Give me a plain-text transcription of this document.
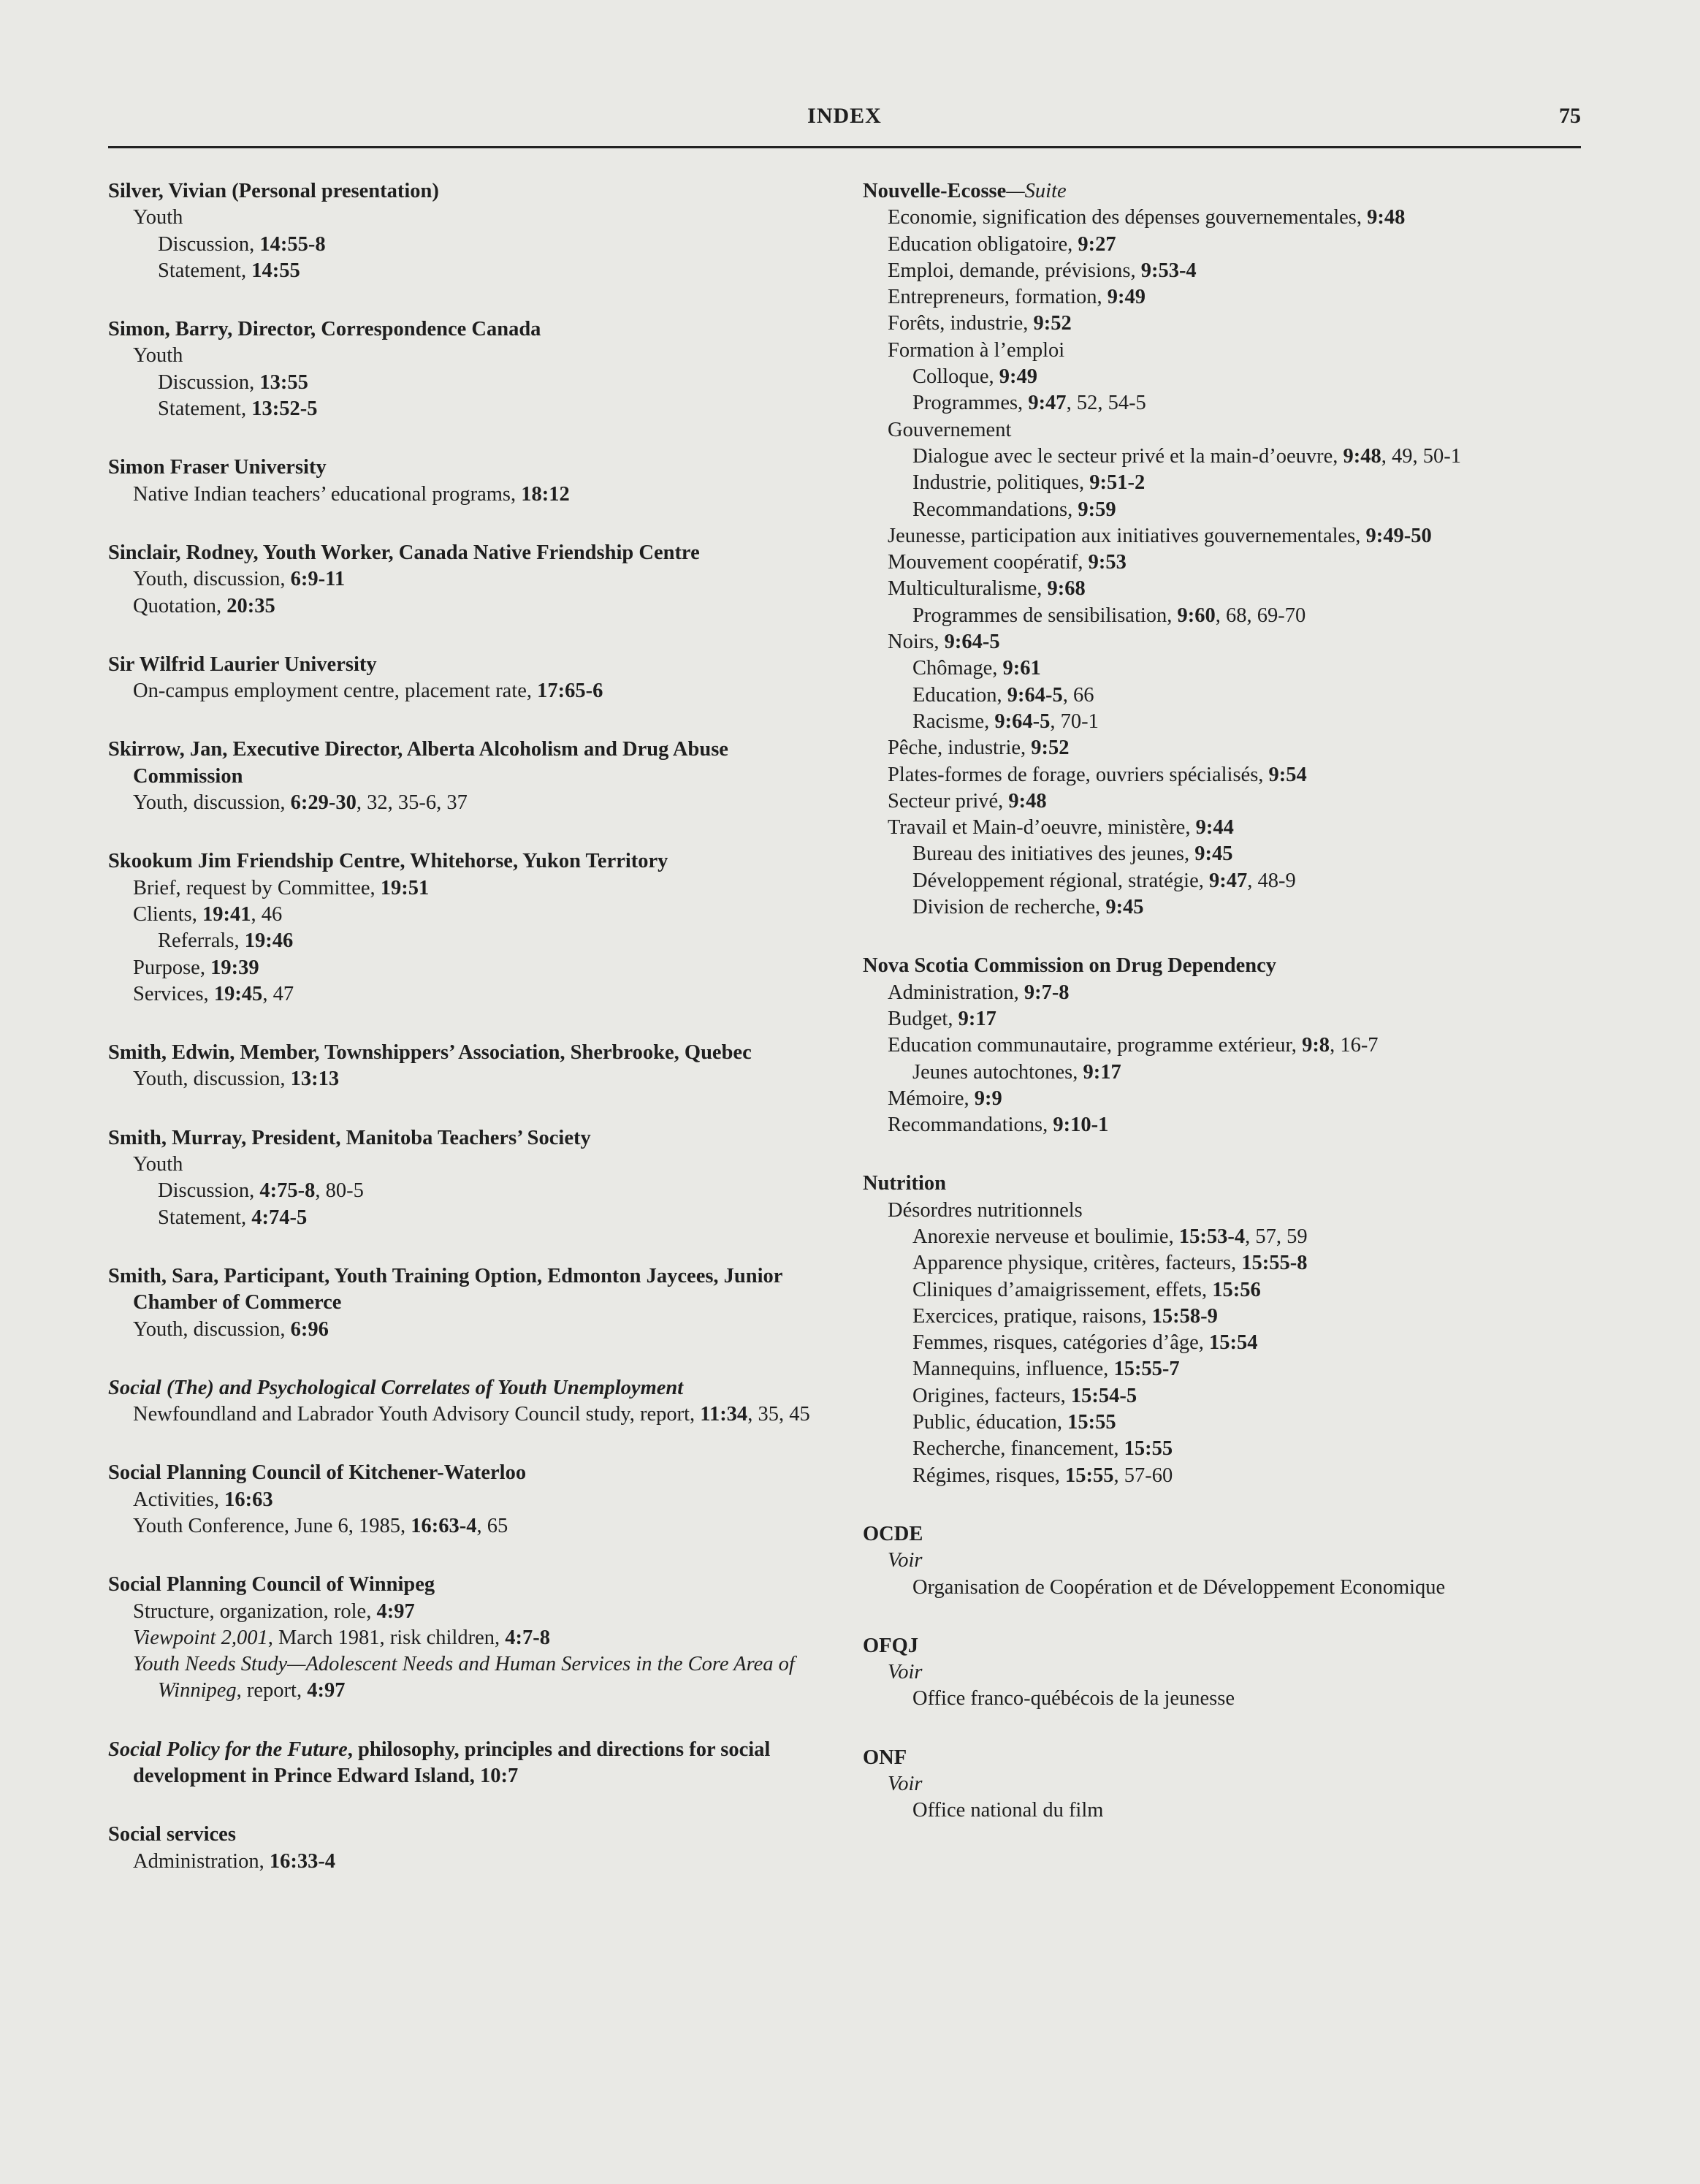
INDEX	75
Silver, Vivian (Personal presentation)
Youth
Discussion, 14:55-8
Statement, 14:55
Simon, Barry, Director, Correspondence Canada
Youth
Discussion, 13:55
Statement, 13:52-5
Simon Fraser University
Native Indian teachers’ educational programs, 18:12
Sinclair, Rodney, Youth Worker, Canada Native Friendship Centre
Youth, discussion, 6:9-11
Quotation, 20:35
Sir Wilfrid Laurier University
On-campus employment centre, placement rate, 17:65-6
Skirrow, Jan, Executive Director, Alberta Alcoholism and Drug Abuse Commission
Youth, discussion, 6:29-30, 32, 35-6, 37
Skookum Jim Friendship Centre, Whitehorse, Yukon Territory
Brief, request by Committee, 19:51
Clients, 19:41, 46
Referrals, 19:46
Purpose, 19:39
Services, 19:45, 47
Smith, Edwin, Member, Townshippers’ Association, Sherbrooke, Quebec
Youth, discussion, 13:13
Smith, Murray, President, Manitoba Teachers’ Society
Youth
Discussion, 4:75-8, 80-5
Statement, 4:74-5
Smith, Sara, Participant, Youth Training Option, Edmonton Jaycees, Junior Chamber of Commerce
Youth, discussion, 6:96
Social (The) and Psychological Correlates of Youth Unemployment
Newfoundland and Labrador Youth Advisory Council study, report, 11:34, 35, 45
Social Planning Council of Kitchener-Waterloo
Activities, 16:63
Youth Conference, June 6, 1985, 16:63-4, 65
Social Planning Council of Winnipeg
Structure, organization, role, 4:97
Viewpoint 2,001, March 1981, risk children, 4:7-8
Youth Needs Study—Adolescent Needs and Human Services in the Core Area of Winnipeg, report, 4:97
Social Policy for the Future, philosophy, principles and directions for social development in Prince Edward Island, 10:7
Social services
Administration, 16:33-4
Nouvelle-Ecosse—Suite
Economie, signification des dépenses gouvernementales, 9:48
Education obligatoire, 9:27
Emploi, demande, prévisions, 9:53-4
Entrepreneurs, formation, 9:49
Forêts, industrie, 9:52
Formation à l’emploi
Colloque, 9:49
Programmes, 9:47, 52, 54-5
Gouvernement
Dialogue avec le secteur privé et la main-d’oeuvre, 9:48, 49, 50-1
Industrie, politiques, 9:51-2
Recommandations, 9:59
Jeunesse, participation aux initiatives gouvernementales, 9:49-50
Mouvement coopératif, 9:53
Multiculturalisme, 9:68
Programmes de sensibilisation, 9:60, 68, 69-70
Noirs, 9:64-5
Chômage, 9:61
Education, 9:64-5, 66
Racisme, 9:64-5, 70-1
Pêche, industrie, 9:52
Plates-formes de forage, ouvriers spécialisés, 9:54
Secteur privé, 9:48
Travail et Main-d’oeuvre, ministère, 9:44
Bureau des initiatives des jeunes, 9:45
Développement régional, stratégie, 9:47, 48-9
Division de recherche, 9:45
Nova Scotia Commission on Drug Dependency
Administration, 9:7-8
Budget, 9:17
Education communautaire, programme extérieur, 9:8, 16-7
Jeunes autochtones, 9:17
Mémoire, 9:9
Recommandations, 9:10-1
Nutrition
Désordres nutritionnels
Anorexie nerveuse et boulimie, 15:53-4, 57, 59
Apparence physique, critères, facteurs, 15:55-8
Cliniques d’amaigrissement, effets, 15:56
Exercices, pratique, raisons, 15:58-9
Femmes, risques, catégories d’âge, 15:54
Mannequins, influence, 15:55-7
Origines, facteurs, 15:54-5
Public, éducation, 15:55
Recherche, financement, 15:55
Régimes, risques, 15:55, 57-60
OCDE
Voir
Organisation de Coopération et de Développement Economique
OFQJ
Voir
Office franco-québécois de la jeunesse
ONF
Voir
Office national du film
